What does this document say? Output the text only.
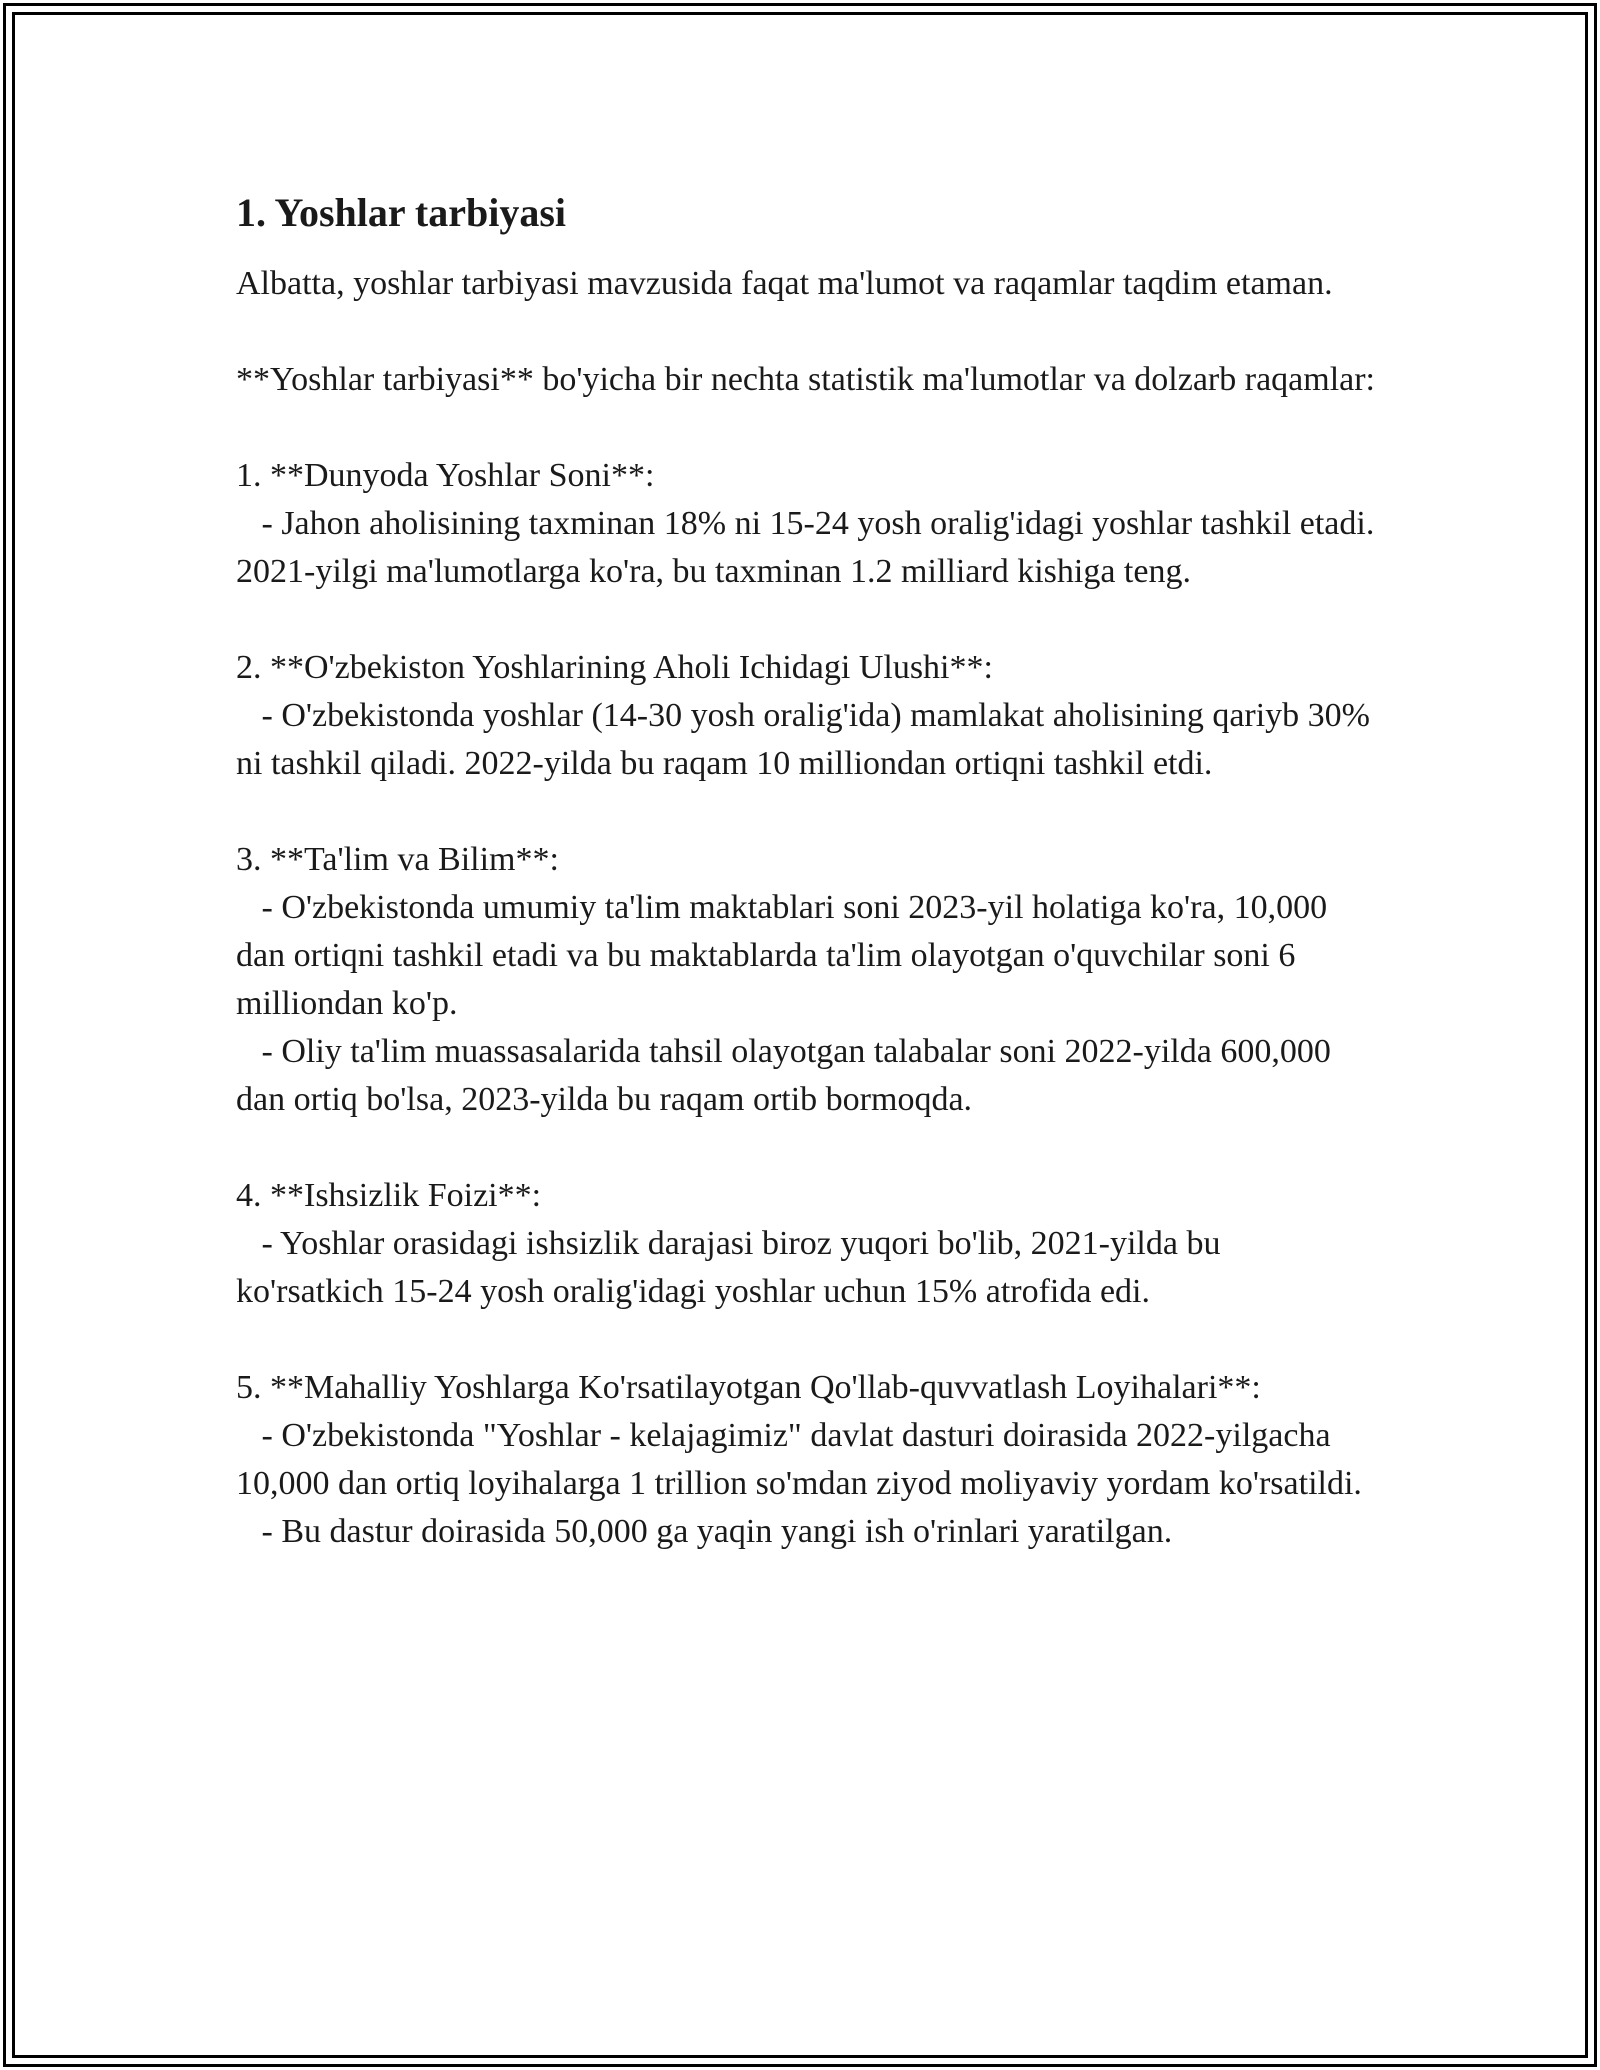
1. Yoshlar tarbiyasi
Albatta, yoshlar tarbiyasi mavzusida faqat ma'lumot va raqamlar taqdim etaman.
**Yoshlar tarbiyasi** bo'yicha bir nechta statistik ma'lumotlar va dolzarb raqamlar:
1. **Dunyoda Yoshlar Soni**:
- Jahon aholisining taxminan 18% ni 15-24 yosh oralig'idagi yoshlar tashkil etadi. 2021-yilgi ma'lumotlarga ko'ra, bu taxminan 1.2 milliard kishiga teng.
2. **O'zbekiston Yoshlarining Aholi Ichidagi Ulushi**:
- O'zbekistonda yoshlar (14-30 yosh oralig'ida) mamlakat aholisining qariyb 30% ni tashkil qiladi. 2022-yilda bu raqam 10 milliondan ortiqni tashkil etdi.
3. **Ta'lim va Bilim**:
- O'zbekistonda umumiy ta'lim maktablari soni 2023-yil holatiga ko'ra, 10,000 dan ortiqni tashkil etadi va bu maktablarda ta'lim olayotgan o'quvchilar soni 6 milliondan ko'p.
- Oliy ta'lim muassasalarida tahsil olayotgan talabalar soni 2022-yilda 600,000 dan ortiq bo'lsa, 2023-yilda bu raqam ortib bormoqda.
4. **Ishsizlik Foizi**:
- Yoshlar orasidagi ishsizlik darajasi biroz yuqori bo'lib, 2021-yilda bu ko'rsatkich 15-24 yosh oralig'idagi yoshlar uchun 15% atrofida edi.
5. **Mahalliy Yoshlarga Ko'rsatilayotgan Qo'llab-quvvatlash Loyihalari**:
- O'zbekistonda "Yoshlar - kelajagimiz" davlat dasturi doirasida 2022-yilgacha 10,000 dan ortiq loyihalarga 1 trillion so'mdan ziyod moliyaviy yordam ko'rsatildi.
- Bu dastur doirasida 50,000 ga yaqin yangi ish o'rinlari yaratilgan.
